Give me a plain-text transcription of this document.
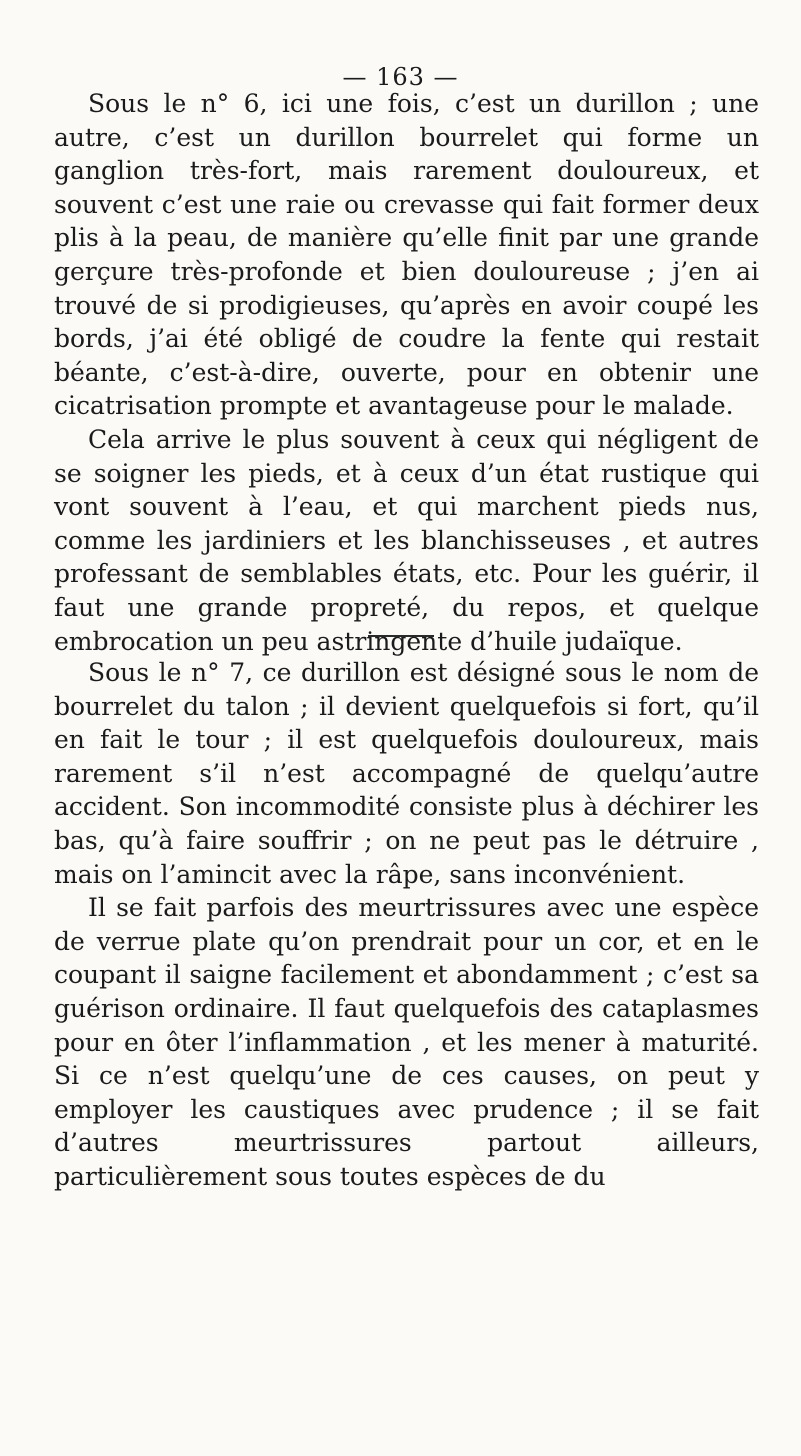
— 163 —

Sous le n° 6, ici une fois, c’est un durillon ; une autre, c’est un durillon bourrelet qui forme un ganglion très-fort, mais rarement douloureux, et souvent c’est une raie ou crevasse qui fait former deux plis à la peau, de manière qu’elle finit par une grande gerçure très-profonde et bien douloureuse ; j’en ai trouvé de si prodigieuses, qu’après en avoir coupé les bords, j’ai été obligé de coudre la fente qui restait béante, c’est-à-dire, ouverte, pour en obtenir une cicatrisation prompte et avantageuse pour le malade.

Cela arrive le plus souvent à ceux qui négligent de se soigner les pieds, et à ceux d’un état rustique qui vont souvent à l’eau, et qui marchent pieds nus, comme les jardiniers et les blanchisseuses , et autres professant de semblables états, etc. Pour les guérir, il faut une grande propreté, du repos, et quelque embrocation un peu astringente d’huile judaïque.

Sous le n° 7, ce durillon est désigné sous le nom de bourrelet du talon ; il devient quelquefois si fort, qu’il en fait le tour ; il est quelquefois douloureux, mais rarement s’il n’est accompagné de quelqu’autre accident. Son incommodité consiste plus à déchirer les bas, qu’à faire souffrir ; on ne peut pas le détruire , mais on l’amincit avec la râpe, sans inconvénient.

Il se fait parfois des meurtrissures avec une espèce de verrue plate qu’on prendrait pour un cor, et en le coupant il saigne facilement et abondamment ; c’est sa guérison ordinaire. Il faut quelquefois des cataplasmes pour en ôter l’inflammation , et les mener à maturité. Si ce n’est quelqu’une de ces causes, on peut y employer les caustiques avec prudence ; il se fait d’autres meurtrissures partout ailleurs, particulièrement sous toutes espèces de du
